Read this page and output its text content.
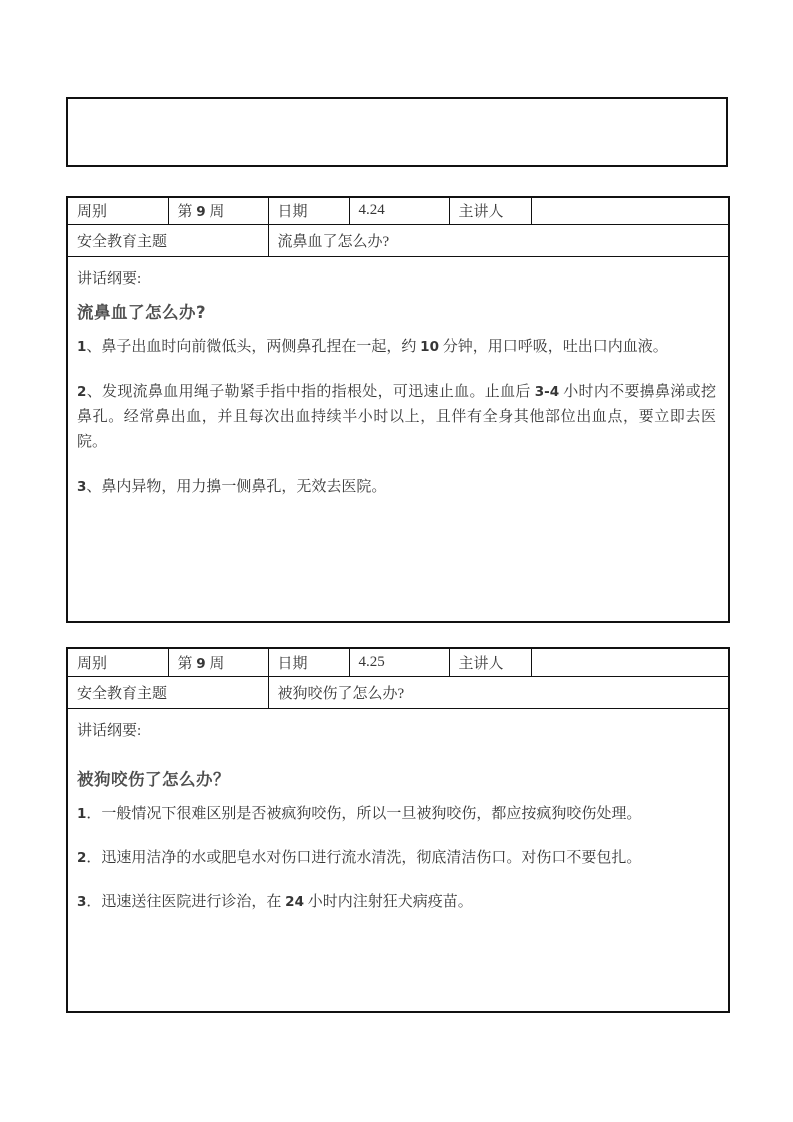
周别	第 9 周	日期	4.24	主讲人	
安全教育主题		流鼻血了怎么办?			

讲话纲要:
流鼻血了怎么办?

1、鼻子出血时向前微低头，两侧鼻孔捏在一起，约 10 分钟，用口呼吸，吐出口内血液。

2、发现流鼻血用绳子勒紧手指中指的指根处，可迅速止血。止血后 3-4 小时内不要擤鼻涕或挖鼻孔。经常鼻出血，并且每次出血持续半小时以上，且伴有全身其他部位出血点，要立即去医院。

3、鼻内异物，用力擤一侧鼻孔，无效去医院。					

周别	第 9 周	日期	4.25	主讲人	
安全教育主题		被狗咬伤了怎么办?			

讲话纲要:
被狗咬伤了怎么办？

1．一般情况下很难区别是否被疯狗咬伤，所以一旦被狗咬伤，都应按疯狗咬伤处理。

2．迅速用洁净的水或肥皂水对伤口进行流水清洗，彻底清洁伤口。对伤口不要包扎。

3．迅速送往医院进行诊治，在 24 小时内注射狂犬病疫苗。					
